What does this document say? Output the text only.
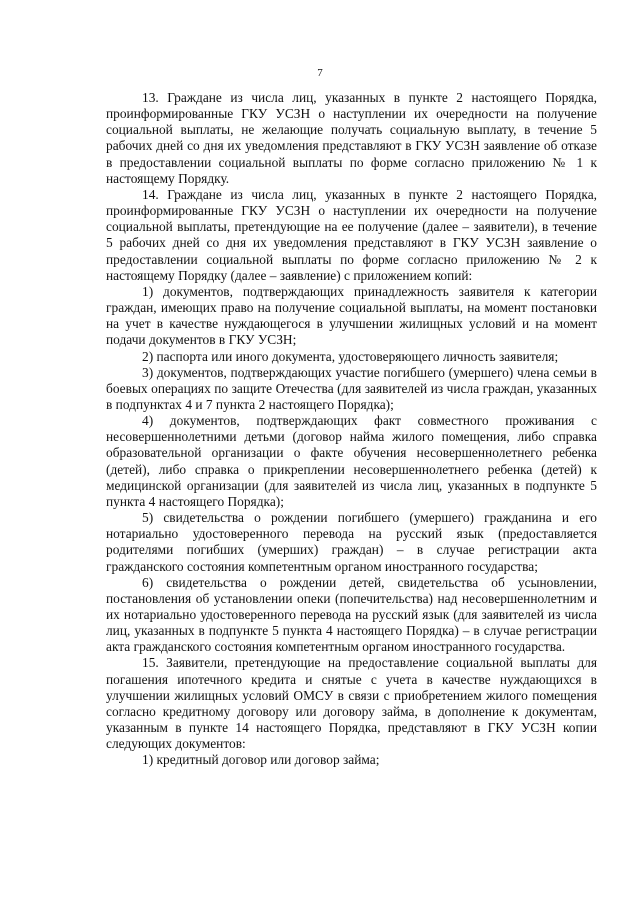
7

13. Граждане из числа лиц, указанных в пункте 2 настоящего Порядка, проинформированные ГКУ УСЗН о наступлении их очередности на получение социальной выплаты, не желающие получать социальную выплату, в течение 5 рабочих дней со дня их уведомления представляют в ГКУ УСЗН заявление об отказе в предоставлении социальной выплаты по форме согласно приложению № 1 к настоящему Порядку.

14. Граждане из числа лиц, указанных в пункте 2 настоящего Порядка, проинформированные ГКУ УСЗН о наступлении их очередности на получение социальной выплаты, претендующие на ее получение (далее – заявители), в течение 5 рабочих дней со дня их уведомления представляют в ГКУ УСЗН заявление о предоставлении социальной выплаты по форме согласно приложению № 2 к настоящему Порядку (далее – заявление) с приложением копий:

1) документов, подтверждающих принадлежность заявителя к категории граждан, имеющих право на получение социальной выплаты, на момент постановки на учет в качестве нуждающегося в улучшении жилищных условий и на момент подачи документов в ГКУ УСЗН;

2) паспорта или иного документа, удостоверяющего личность заявителя;

3) документов, подтверждающих участие погибшего (умершего) члена семьи в боевых операциях по защите Отечества (для заявителей из числа граждан, указанных в подпунктах 4 и 7 пункта 2 настоящего Порядка);

4) документов, подтверждающих факт совместного проживания с несовершеннолетними детьми (договор найма жилого помещения, либо справка образовательной организации о факте обучения несовершеннолетнего ребенка (детей), либо справка о прикреплении несовершеннолетнего ребенка (детей) к медицинской организации (для заявителей из числа лиц, указанных в подпункте 5 пункта 4 настоящего Порядка);

5) свидетельства о рождении погибшего (умершего) гражданина и его нотариально удостоверенного перевода на русский язык (предоставляется родителями погибших (умерших) граждан) – в случае регистрации акта гражданского состояния компетентным органом иностранного государства;

6) свидетельства о рождении детей, свидетельства об усыновлении, постановления об установлении опеки (попечительства) над несовершеннолетним и их нотариально удостоверенного перевода на русский язык (для заявителей из числа лиц, указанных в подпункте 5 пункта 4 настоящего Порядка) – в случае регистрации акта гражданского состояния компетентным органом иностранного государства.

15. Заявители, претендующие на предоставление социальной выплаты для погашения ипотечного кредита и снятые с учета в качестве нуждающихся в улучшении жилищных условий ОМСУ в связи с приобретением жилого помещения согласно кредитному договору или договору займа, в дополнение к документам, указанным в пункте 14 настоящего Порядка, представляют в ГКУ УСЗН копии следующих документов:

1) кредитный договор или договор займа;
